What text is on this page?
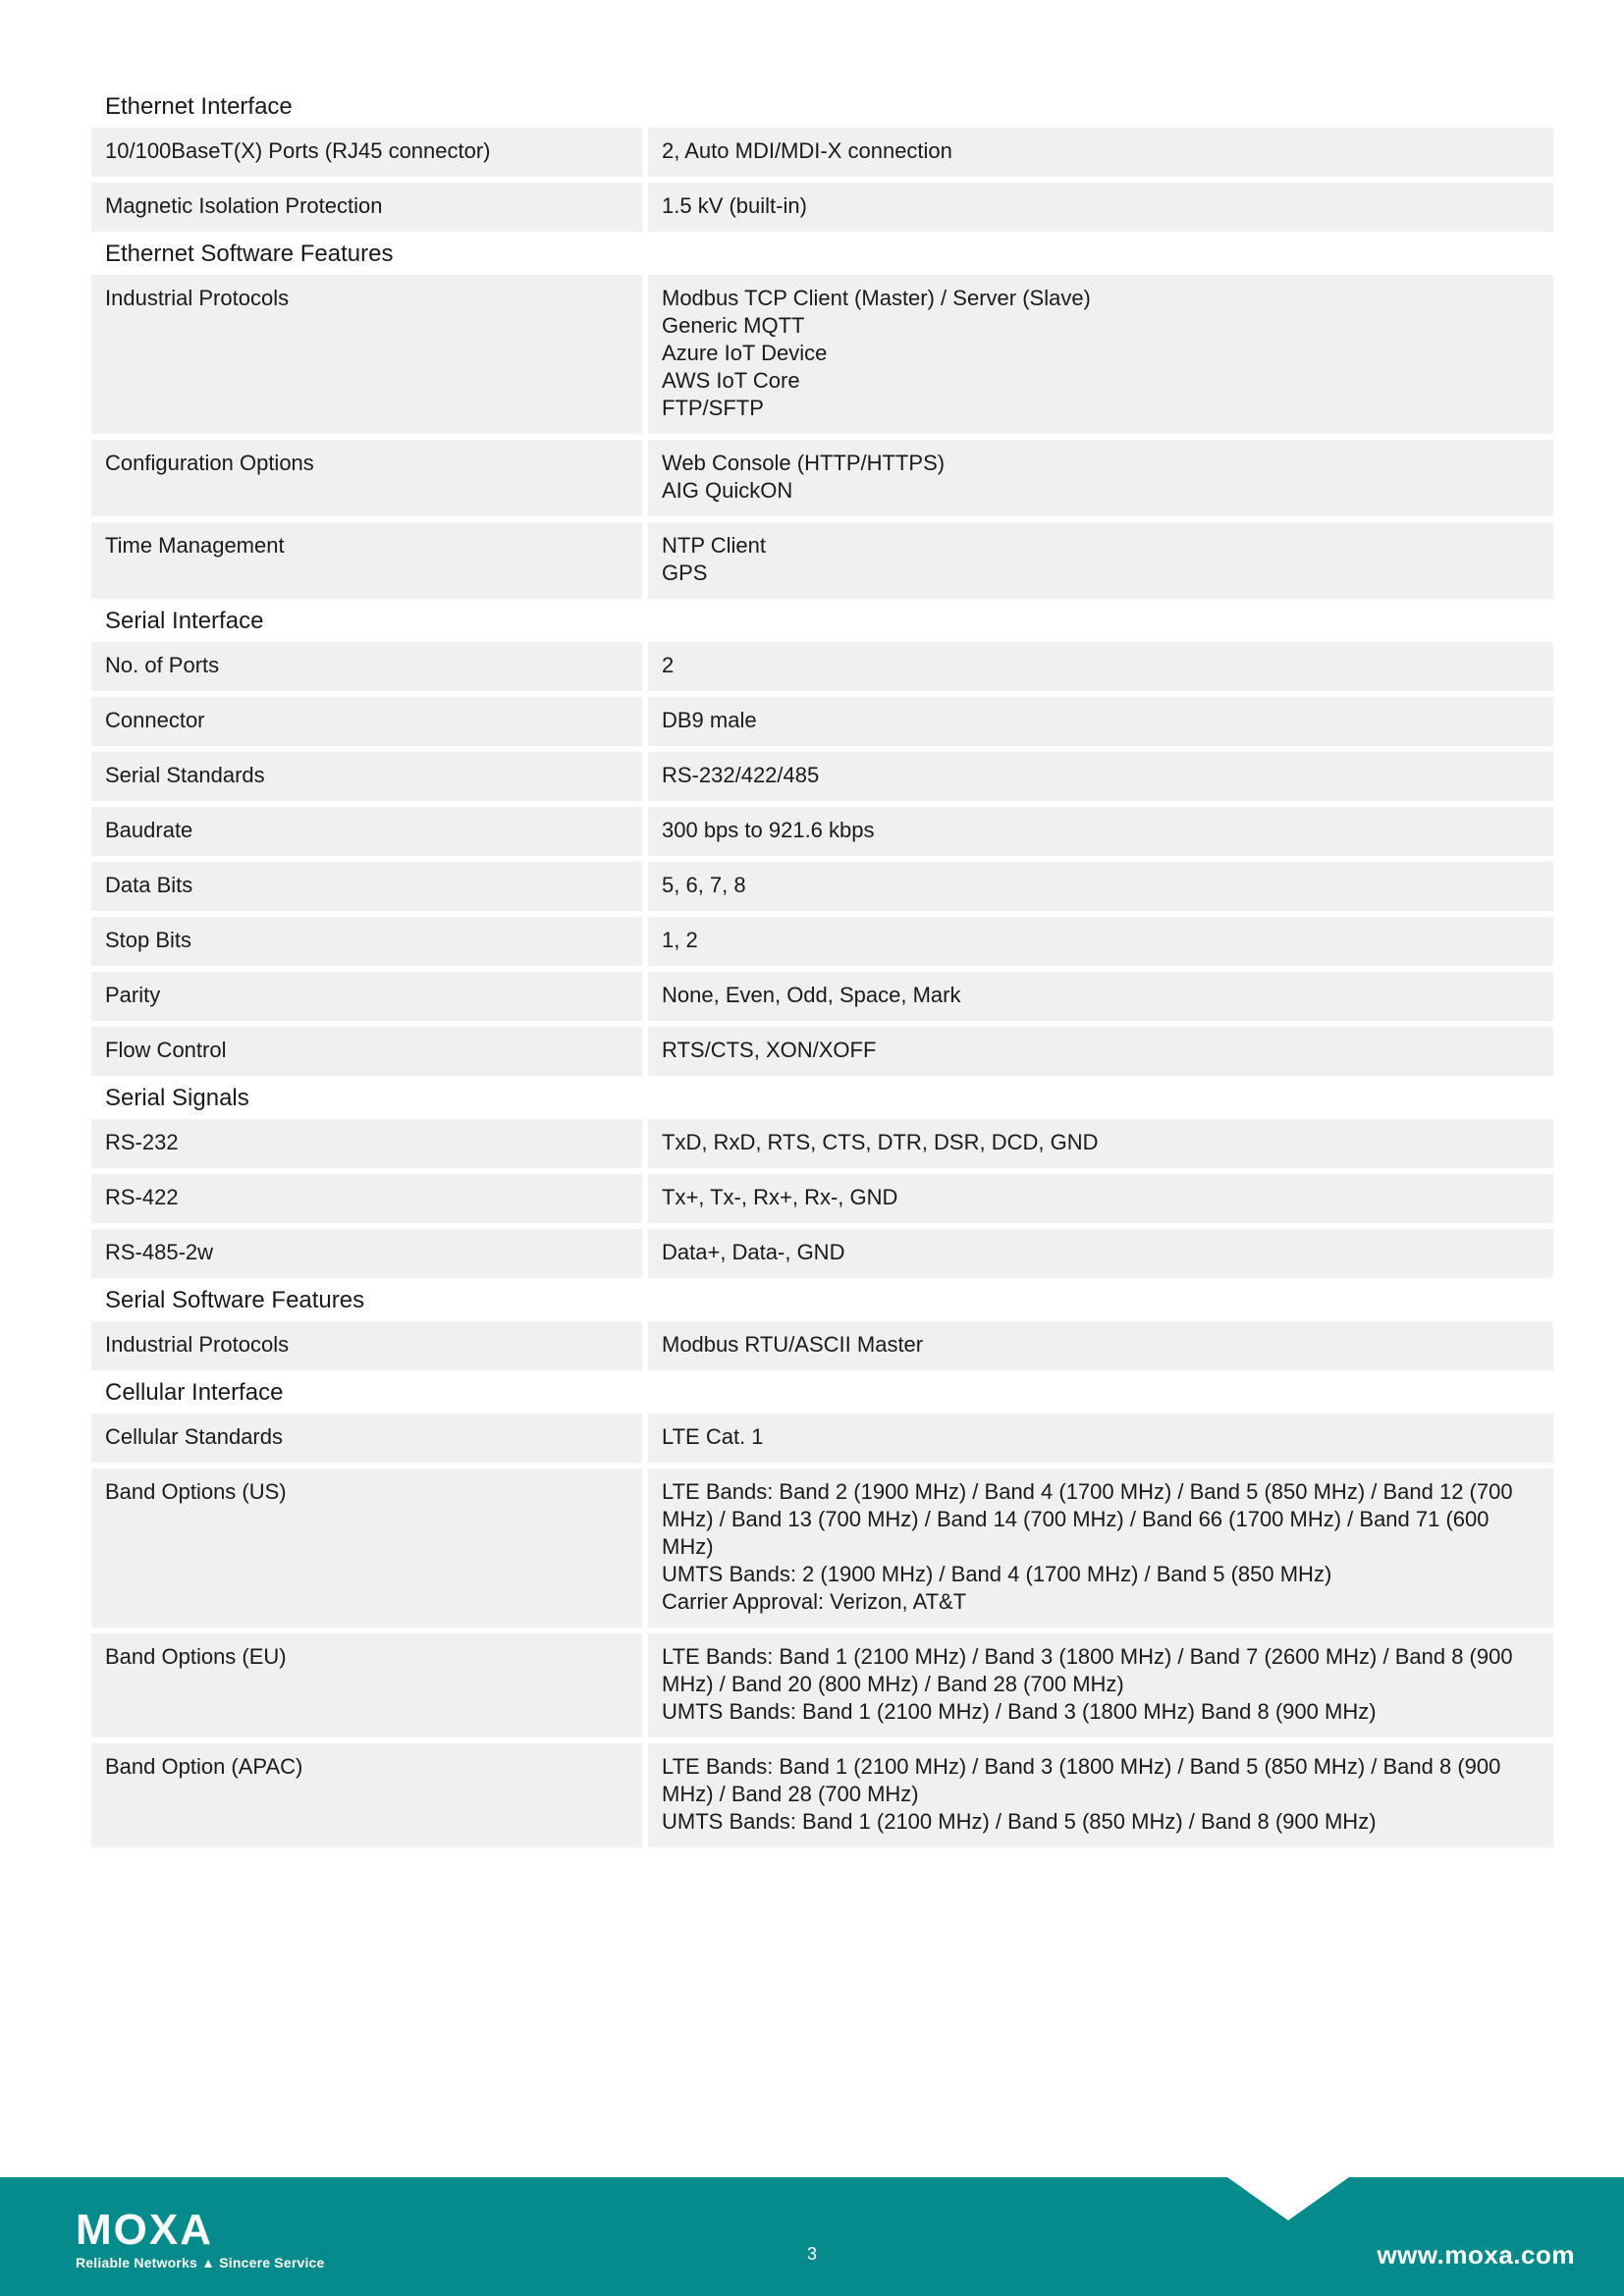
Ethernet Interface
10/100BaseT(X) Ports (RJ45 connector)	2, Auto MDI/MDI-X connection
Magnetic Isolation Protection	1.5 kV (built-in)
Ethernet Software Features
Industrial Protocols	Modbus TCP Client (Master) / Server (Slave)
Generic MQTT
Azure IoT Device
AWS IoT Core
FTP/SFTP
Configuration Options	Web Console (HTTP/HTTPS)
AIG QuickON
Time Management	NTP Client
GPS
Serial Interface
No. of Ports	2
Connector	DB9 male
Serial Standards	RS-232/422/485
Baudrate	300 bps to 921.6 kbps
Data Bits	5, 6, 7, 8
Stop Bits	1, 2
Parity	None, Even, Odd, Space, Mark
Flow Control	RTS/CTS, XON/XOFF
Serial Signals
RS-232	TxD, RxD, RTS, CTS, DTR, DSR, DCD, GND
RS-422	Tx+, Tx-, Rx+, Rx-, GND
RS-485-2w	Data+, Data-, GND
Serial Software Features
Industrial Protocols	Modbus RTU/ASCII Master
Cellular Interface
Cellular Standards	LTE Cat. 1
Band Options (US)	LTE Bands: Band 2 (1900 MHz) / Band 4 (1700 MHz) / Band 5 (850 MHz) / Band 12 (700
MHz) / Band 13 (700 MHz) / Band 14 (700 MHz) / Band 66 (1700 MHz) / Band 71 (600
MHz)
UMTS Bands: 2 (1900 MHz) / Band 4 (1700 MHz) / Band 5 (850 MHz)
Carrier Approval: Verizon, AT&T
Band Options (EU)	LTE Bands: Band 1 (2100 MHz) / Band 3 (1800 MHz) / Band 7 (2600 MHz) / Band 8 (900
MHz) / Band 20 (800 MHz) / Band 28 (700 MHz)
UMTS Bands: Band 1 (2100 MHz) / Band 3 (1800 MHz) Band 8 (900 MHz)
Band Option (APAC)	LTE Bands: Band 1 (2100 MHz) / Band 3 (1800 MHz) / Band 5 (850 MHz) / Band 8 (900
MHz) / Band 28 (700 MHz)
UMTS Bands: Band 1 (2100 MHz) / Band 5 (850 MHz) / Band 8 (900 MHz)
MOXA
Reliable Networks ▲ Sincere Service	3	www.moxa.com
